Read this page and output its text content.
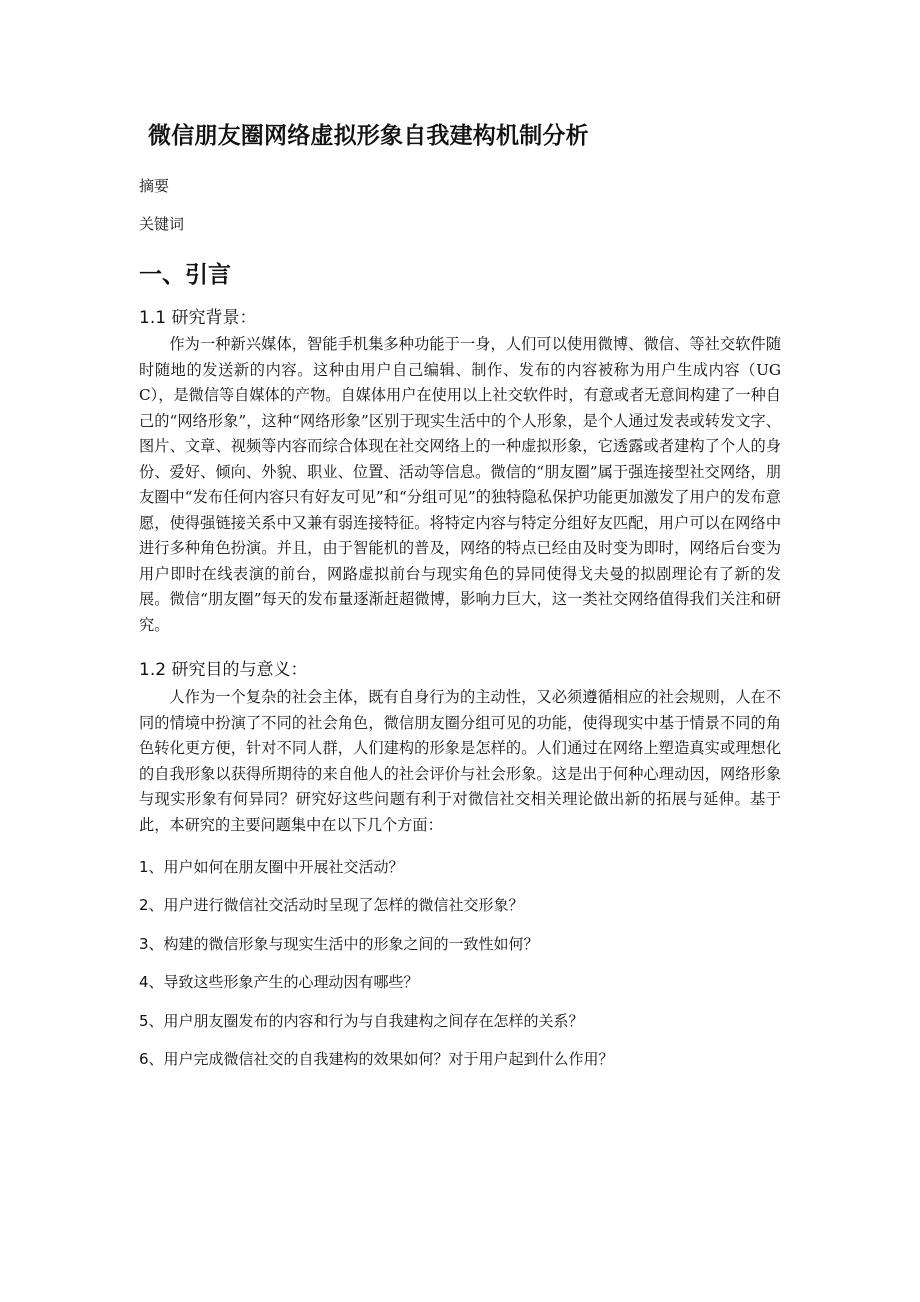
微信朋友圈网络虚拟形象自我建构机制分析
摘要
关键词
一、引言
1.1 研究背景：

作为一种新兴媒体，智能手机集多种功能于一身，人们可以使用微博、微信、等社交软件随时随地的发送新的内容。这种由用户自己编辑、制作、发布的内容被称为用户生成内容（UGC），是微信等自媒体的产物。自媒体用户在使用以上社交软件时，有意或者无意间构建了一种自己的“网络形象”，这种“网络形象”区别于现实生活中的个人形象，是个人通过发表或转发文字、图片、文章、视频等内容而综合体现在社交网络上的一种虚拟形象，它透露或者建构了个人的身份、爱好、倾向、外貌、职业、位置、活动等信息。微信的“朋友圈”属于强连接型社交网络，朋友圈中“发布任何内容只有好友可见”和“分组可见”的独特隐私保护功能更加激发了用户的发布意愿，使得强链接关系中又兼有弱连接特征。将特定内容与特定分组好友匹配，用户可以在网络中进行多种角色扮演。并且，由于智能机的普及，网络的特点已经由及时变为即时，网络后台变为用户即时在线表演的前台，网路虚拟前台与现实角色的异同使得戈夫曼的拟剧理论有了新的发展。微信“朋友圈”每天的发布量逐渐赶超微博，影响力巨大，这一类社交网络值得我们关注和研究。

1.2 研究目的与意义：

人作为一个复杂的社会主体，既有自身行为的主动性，又必须遵循相应的社会规则，人在不同的情境中扮演了不同的社会角色，微信朋友圈分组可见的功能，使得现实中基于情景不同的角色转化更方便，针对不同人群，人们建构的形象是怎样的。人们通过在网络上塑造真实或理想化的自我形象以获得所期待的来自他人的社会评价与社会形象。这是出于何种心理动因，网络形象与现实形象有何异同？研究好这些问题有利于对微信社交相关理论做出新的拓展与延伸。基于此，本研究的主要问题集中在以下几个方面：

1、用户如何在朋友圈中开展社交活动？
2、用户进行微信社交活动时呈现了怎样的微信社交形象？
3、构建的微信形象与现实生活中的形象之间的一致性如何？
4、导致这些形象产生的心理动因有哪些？
5、用户朋友圈发布的内容和行为与自我建构之间存在怎样的关系？
6、用户完成微信社交的自我建构的效果如何？对于用户起到什么作用？
